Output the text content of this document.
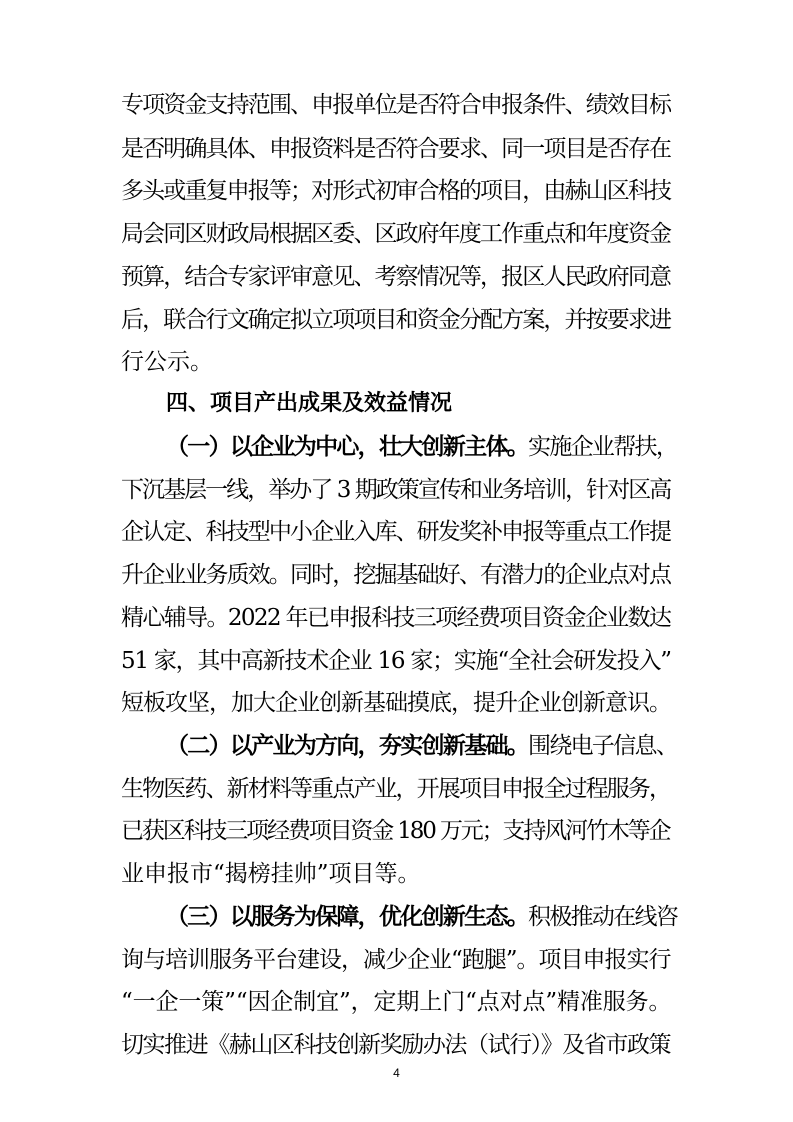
专项资金支持范围、申报单位是否符合申报条件、绩效目标
是否明确具体、申报资料是否符合要求、同一项目是否存在
多头或重复申报等；对形式初审合格的项目，由赫山区科技
局会同区财政局根据区委、区政府年度工作重点和年度资金
预算，结合专家评审意见、考察情况等，报区人民政府同意
后，联合行文确定拟立项项目和资金分配方案，并按要求进
行公示。
四、项目产出成果及效益情况
（一）以企业为中心，壮大创新主体。实施企业帮扶，
下沉基层一线，举办了 3 期政策宣传和业务培训，针对区高
企认定、科技型中小企业入库、研发奖补申报等重点工作提
升企业业务质效。同时，挖掘基础好、有潜力的企业点对点
精心辅导。2022 年已申报科技三项经费项目资金企业数达
51 家，其中高新技术企业 16 家；实施“全社会研发投入”
短板攻坚，加大企业创新基础摸底，提升企业创新意识。
（二）以产业为方向，夯实创新基础。围绕电子信息、
生物医药、新材料等重点产业，开展项目申报全过程服务，
已获区科技三项经费项目资金 180 万元；支持风河竹木等企
业申报市“揭榜挂帅”项目等。
（三）以服务为保障，优化创新生态。积极推动在线咨
询与培训服务平台建设，减少企业“跑腿”。项目申报实行
“一企一策”“因企制宜”，定期上门“点对点”精准服务。
切实推进《赫山区科技创新奖励办法（试行）》及省市政策
4
